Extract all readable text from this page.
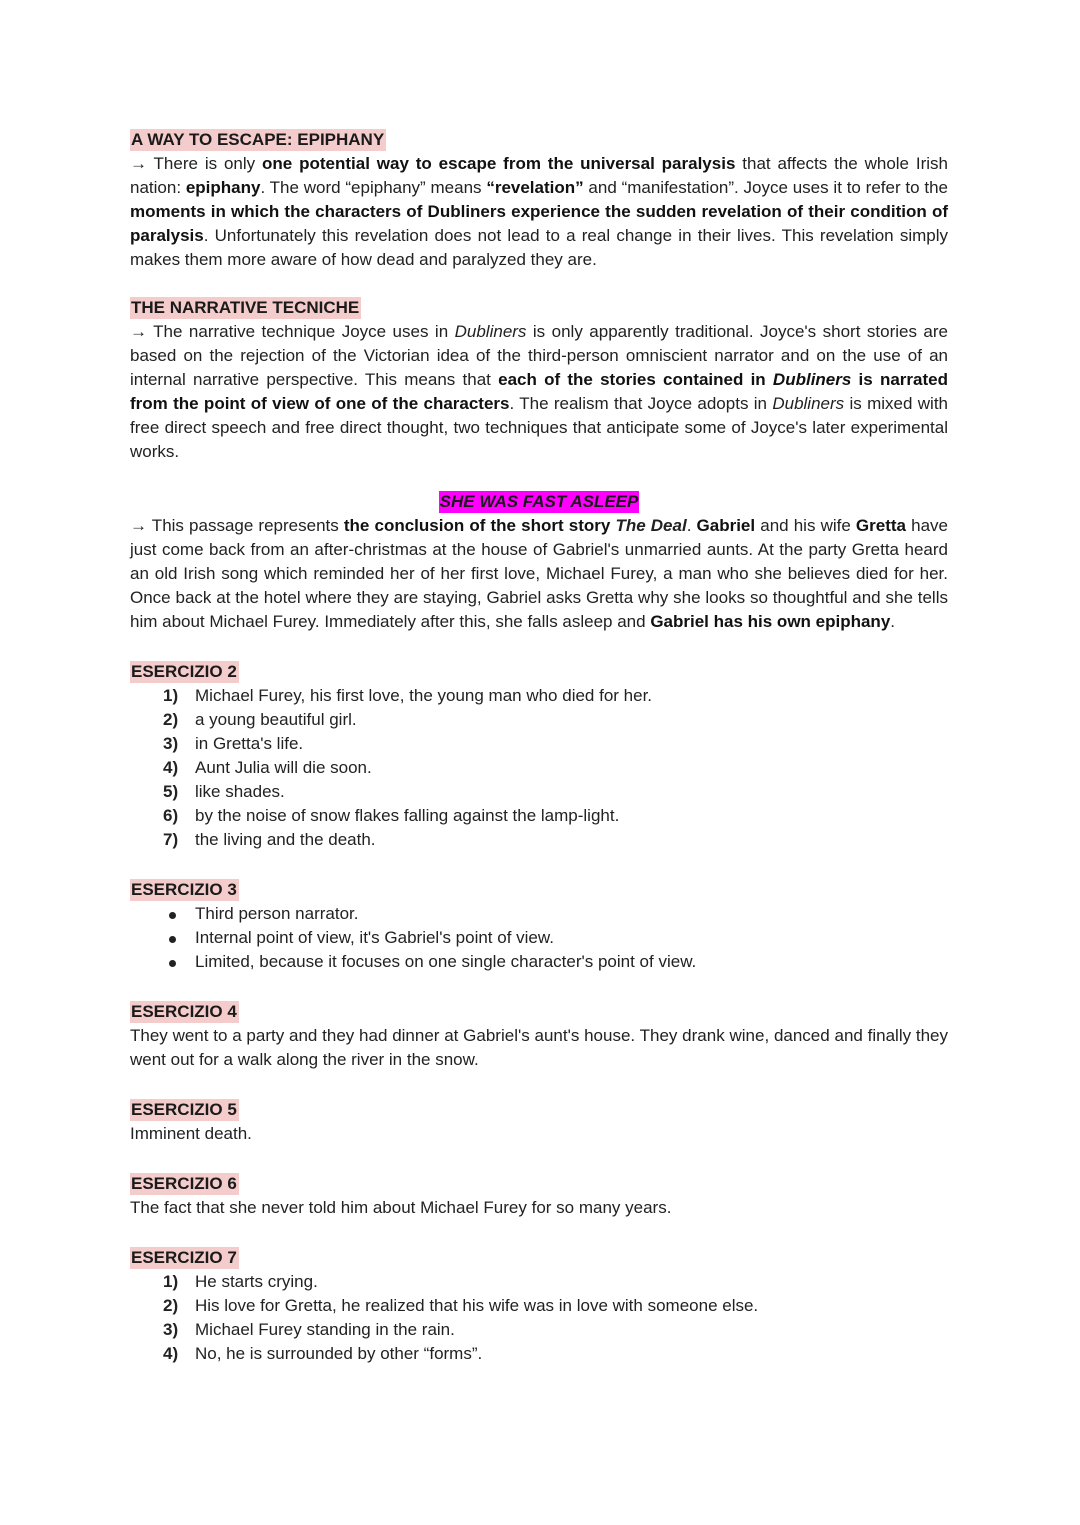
A WAY TO ESCAPE: EPIPHANY

→ There is only one potential way to escape from the universal paralysis that affects the whole Irish nation: epiphany. The word “epiphany” means “revelation” and “manifestation”. Joyce uses it to refer to the moments in which the characters of Dubliners experience the sudden revelation of their condition of paralysis. Unfortunately this revelation does not lead to a real change in their lives. This revelation simply makes them more aware of how dead and paralyzed they are.

THE NARRATIVE TECNICHE

→ The narrative technique Joyce uses in Dubliners is only apparently traditional. Joyce's short stories are based on the rejection of the Victorian idea of the third-person omniscient narrator and on the use of an internal narrative perspective. This means that each of the stories contained in Dubliners is narrated from the point of view of one of the characters. The realism that Joyce adopts in Dubliners is mixed with free direct speech and free direct thought, two techniques that anticipate some of Joyce's later experimental works.

SHE WAS FAST ASLEEP

→ This passage represents the conclusion of the short story The Deal. Gabriel and his wife Gretta have just come back from an after-christmas at the house of Gabriel's unmarried aunts. At the party Gretta heard an old Irish song which reminded her of her first love, Michael Furey, a man who she believes died for her. Once back at the hotel where they are staying, Gabriel asks Gretta why she looks so thoughtful and she tells him about Michael Furey. Immediately after this, she falls asleep and Gabriel has his own epiphany.

ESERCIZIO 2
1) Michael Furey, his first love, the young man who died for her.
2) a young beautiful girl.
3) in Gretta's life.
4) Aunt Julia will die soon.
5) like shades.
6) by the noise of snow flakes falling against the lamp-light.
7) the living and the death.
ESERCIZIO 3
Third person narrator.
Internal point of view, it's Gabriel's point of view.
Limited, because it focuses on one single character's point of view.
ESERCIZIO 4

They went to a party and they had dinner at Gabriel's aunt's house. They drank wine, danced and finally they went out for a walk along the river in the snow.

ESERCIZIO 5

Imminent death.

ESERCIZIO 6

The fact that she never told him about Michael Furey for so many years.

ESERCIZIO 7
1) He starts crying.
2) His love for Gretta, he realized that his wife was in love with someone else.
3) Michael Furey standing in the rain.
4) No, he is surrounded by other “forms”.
